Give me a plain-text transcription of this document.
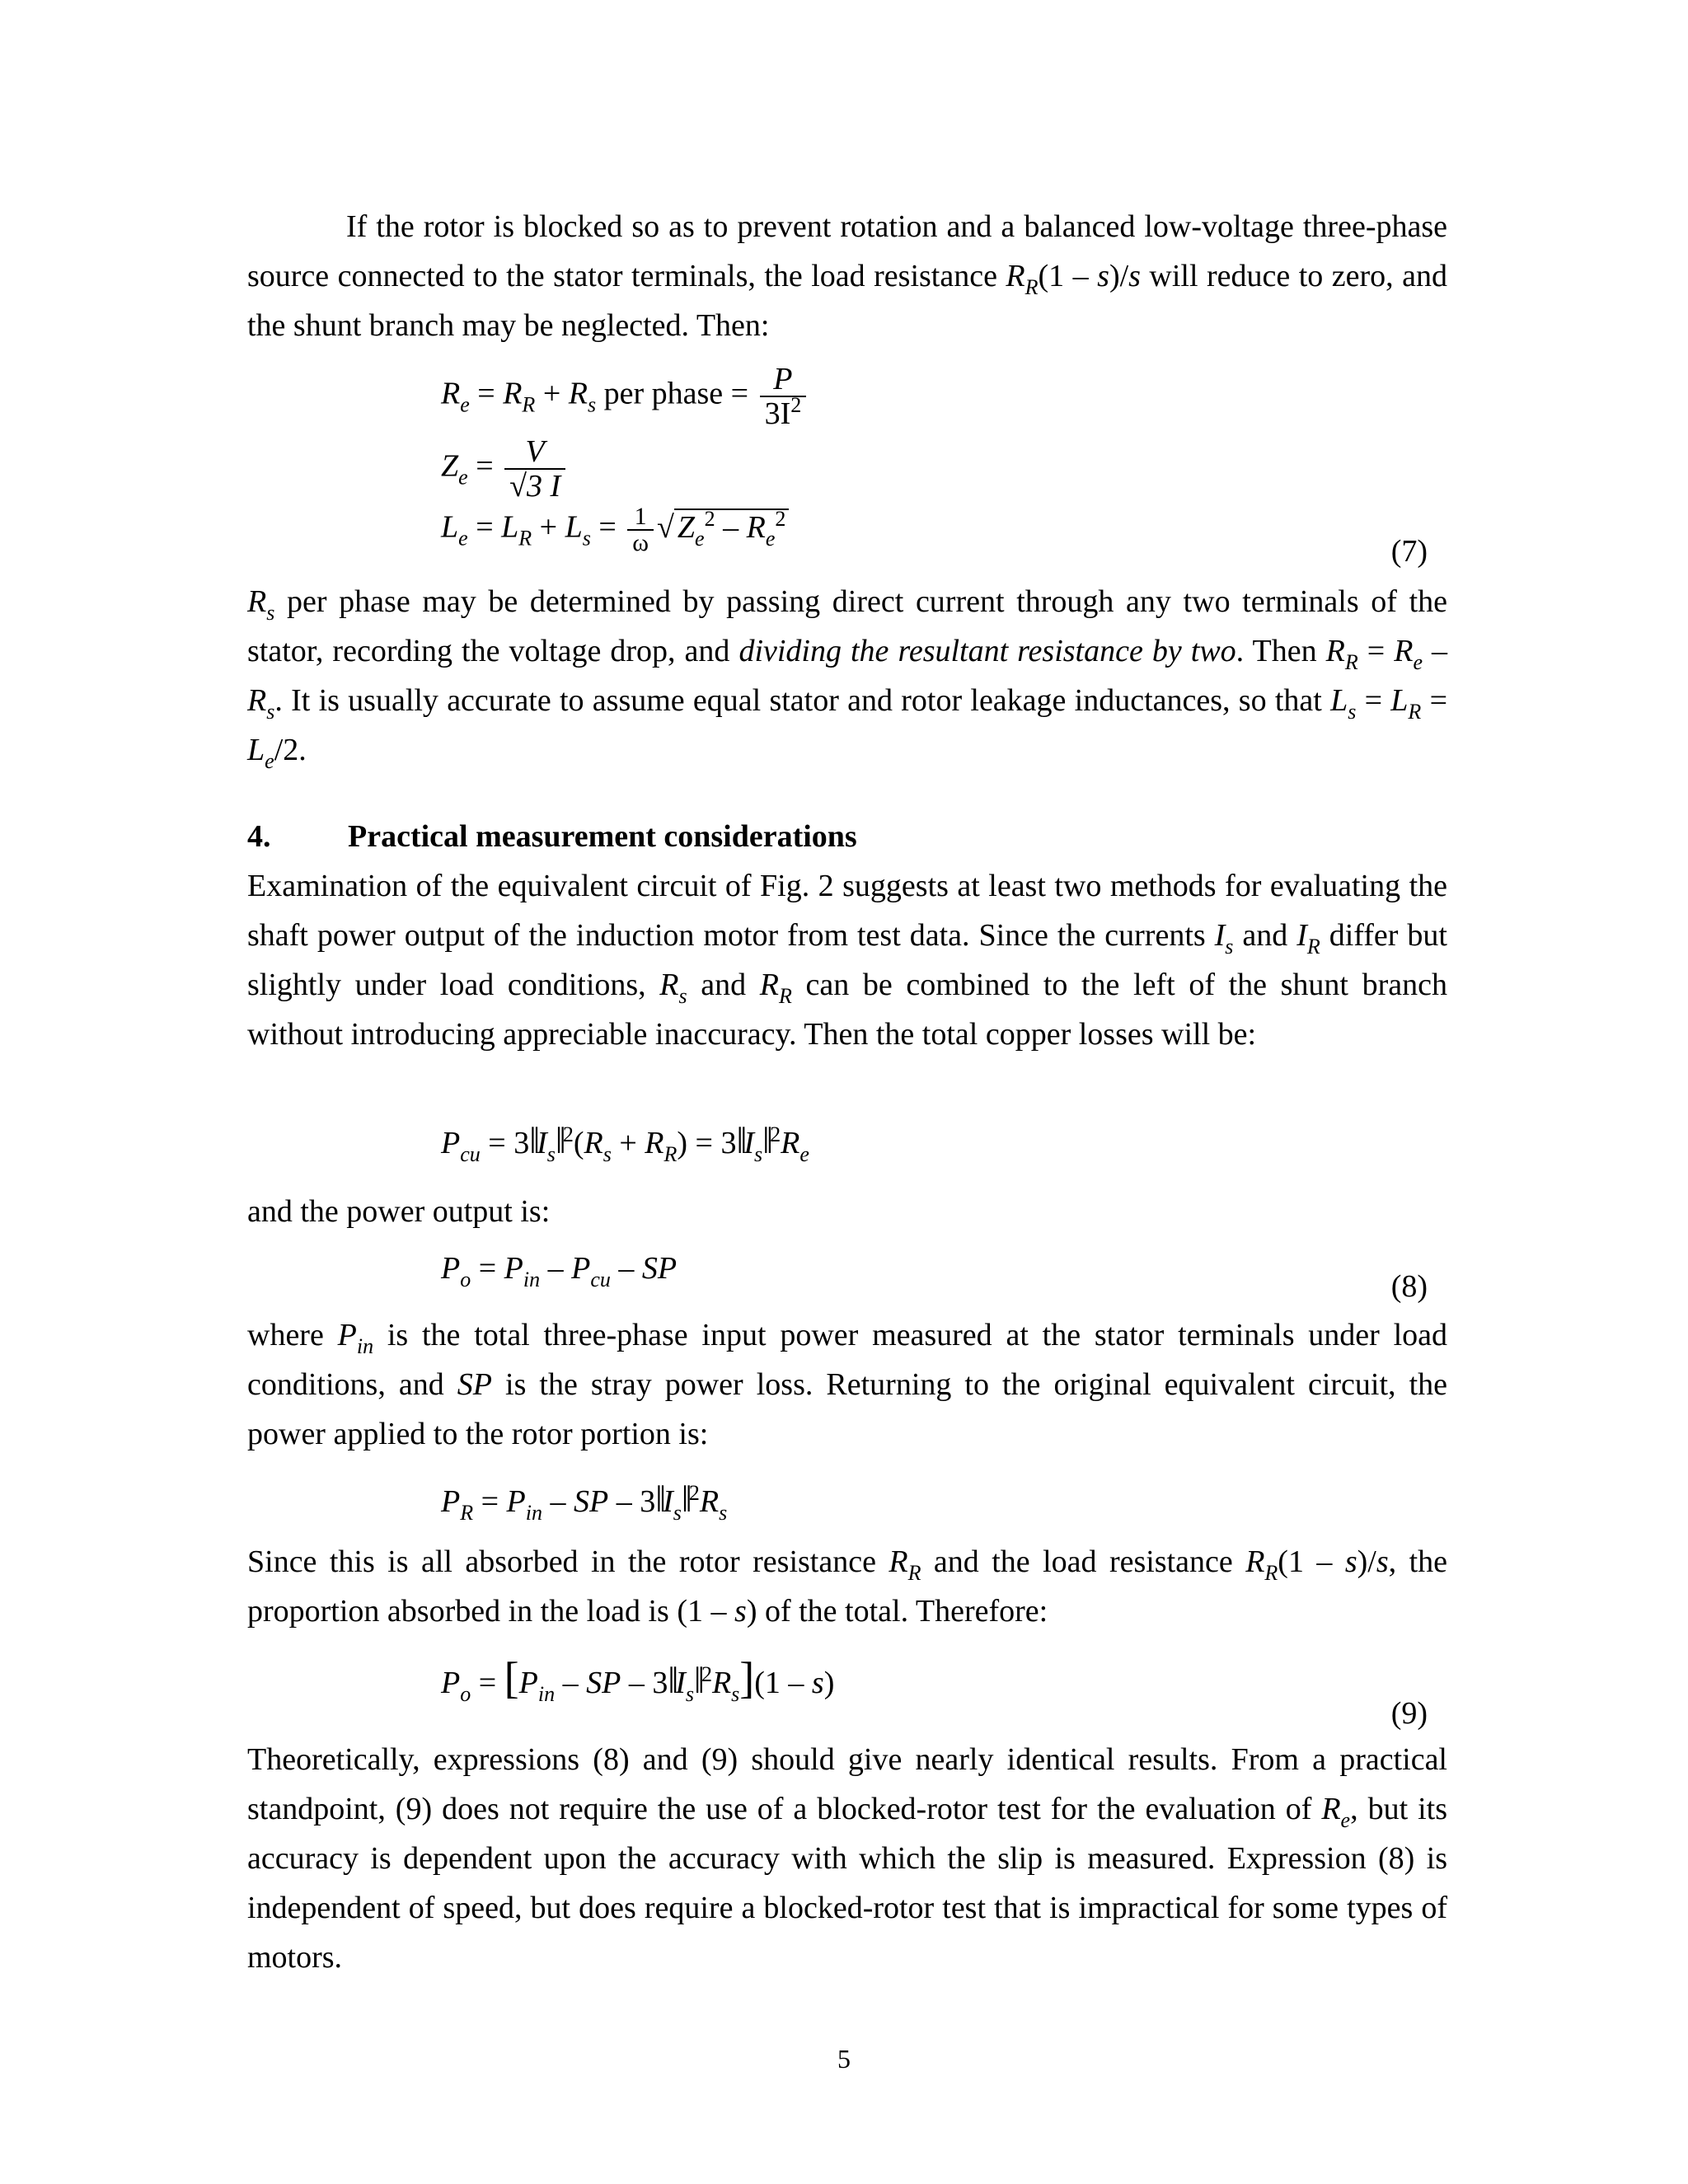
If the rotor is blocked so as to prevent rotation and a balanced low-voltage three-phase source connected to the stator terminals, the load resistance $R_R(1 - s)/s$ will reduce to zero, and the shunt branch may be neglected. Then:

$R_e = R_R + R_s$ per phase = $\frac{P}{3I^2}$
$Z_e = \frac{V}{√3 I}$
$L_e = L_R + L_s = \frac{1}{\omega}$ √ $Z_e^2 - R_e^2$
(7)

$R_s$ per phase may be determined by passing direct current through any two terminals of the stator, recording the voltage drop, and dividing the resultant resistance by two. Then $R_R = R_e - R_s$. It is usually accurate to assume equal stator and rotor leakage inductances, so that $L_s = L_R = L_e/2$.

4. Practical measurement considerations

Examination of the equivalent circuit of Fig. 2 suggests at least two methods for evaluating the shaft power output of the induction motor from test data. Since the currents $I_s$ and $I_R$ differ but slightly under load conditions, $R_s$ and $R_R$ can be combined to the left of the shunt branch without introducing appreciable inaccuracy. Then the total copper losses will be:

$P_{cu}$ = $3‖I_s‖^2(R_s + R_R)$ = $3‖I_s‖^2R_e$

and the power output is:

$P_o = P_{in} - P_{cu}$ – SP
(8)

where $P_{in}$ is the total three-phase input power measured at the stator terminals under load conditions, and SP is the stray power loss. Returning to the original equivalent circuit, the power applied to the rotor portion is:

$P_R = P_{in}$ – SP – $3‖I_s‖^2R_s$

Since this is all absorbed in the rotor resistance $R_R$ and the load resistance $R_R(1 - s)/s$, the proportion absorbed in the load is (1 – s) of the total. Therefore:

$P_o = [P_{in}$ – SP – $3‖I_s‖^2R_s](1 - s)$
(9)

Theoretically, expressions (8) and (9) should give nearly identical results. From a practical standpoint, (9) does not require the use of a blocked-rotor test for the evaluation of $R_e$, but its accuracy is dependent upon the accuracy with which the slip is measured. Expression (8) is independent of speed, but does require a blocked-rotor test that is impractical for some types of motors.

5
